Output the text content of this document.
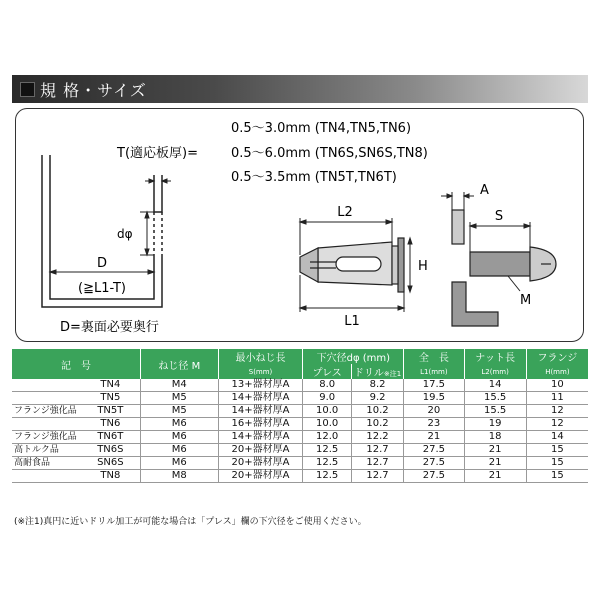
規 格・サイズ
T(適応板厚)=
0.5〜3.0mm (TN4,TN5,TN6)
0.5〜6.0mm (TN6S,SN6S,TN8)
0.5〜3.5mm (TN5T,TN6T)
dφ
D
(≧L1-T)
D=裏面必要奥行
L2
L1
H
A
S
M
記　号		ねじ径 M	最小ねじ長	下穴径dφ (mm)		全　長	ナット長	フランジ
			S(mm)	プレス	ドリル※注1	L1(mm)	L2(mm)	H(mm)
	TN4	M4	13+器材厚A	8.0	8.2	17.5	14	10
	TN5	M5	14+器材厚A	9.0	9.2	19.5	15.5	11
フランジ強化品	TN5T	M5	14+器材厚A	10.0	10.2	20	15.5	12
	TN6	M6	16+器材厚A	10.0	10.2	23	19	12
フランジ強化品	TN6T	M6	14+器材厚A	12.0	12.2	21	18	14
高トルク品	TN6S	M6	20+器材厚A	12.5	12.7	27.5	21	15
高耐食品	SN6S	M6	20+器材厚A	12.5	12.7	27.5	21	15
	TN8	M8	20+器材厚A	12.5	12.7	27.5	21	15
(※注1)真円に近いドリル加工が可能な場合は「プレス」欄の下穴径をご使用ください。
